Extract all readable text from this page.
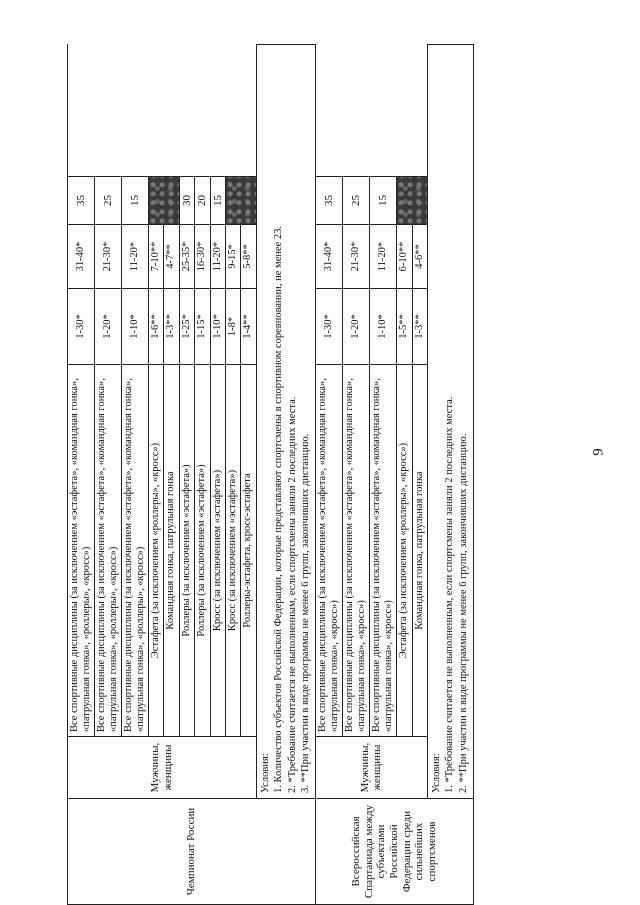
9
Чемпионат России	Мужчины, женщины	Все спортивные дисциплины (за исключением «эстафета», «командная гонка», «патрульная гонка», «роллеры», «кросс»)	1-30*	31-40*	35	
		Все спортивные дисциплины (за исключением «эстафета», «командная гонка», «патрульная гонка», «роллеры», «кросс»)	1-20*	21-30*	25	
		Все спортивные дисциплины (за исключением «эстафета», «командная гонка», «патрульная гонка», «роллеры», «кросс»)	1-10*	11-20*	15	
		Эстафета (за исключением «роллеры», «кросс»)	1-6**	7-10**		
		Командная гонка, патрульная гонка	1-3**	4-7**		
		Роллеры (за исключением «эстафета»)	1-25*	25-35*	30	
		Роллеры (за исключением «эстафета»)	1-15*	16-30*	20	
		Кросс (за исключением «эстафета»)	1-10*	11-20*	15	
		Кросс (за исключением «эстафета»)	1-8*	9-15*		
		Роллеры-эстафета, кросс-эстафета	1-4**	5-8**		

	Условия: 1. Количество субъектов Российской Федерации, которые представляют спортсмены в спортивном соревновании, не менее 23. 2. *Требование считается не выполненным, если спортсмены заняли 2 последних места. 3. **При участии в виде программы не менее 6 групп, закончивших дистанцию.					

Всероссийская Спартакиада между субъектами Российской Федерации среди сильнейших спортсменов	Мужчины, женщины	Все спортивные дисциплины (за исключением «эстафета», «командная гонка», «патрульная гонка», «кросс»)	1-30*	31-40*	35	
		Все спортивные дисциплины (за исключением «эстафета», «командная гонка», «патрульная гонка», «кросс»)	1-20*	21-30*	25	
		Все спортивные дисциплины (за исключением «эстафета», «командная гонка», «патрульная гонка», «кросс»)	1-10*	11-20*	15	
		Эстафета (за исключением «роллеры», «кросс»)	1-5**	6-10**		
		Командная гонка, патрульная гонка	1-3**	4-6**		

	Условия: 1. *Требование считается не выполненным, если спортсмены заняли 2 последних места. 2. **При участии в виде программы не менее 6 групп, закончивших дистанцию.					
